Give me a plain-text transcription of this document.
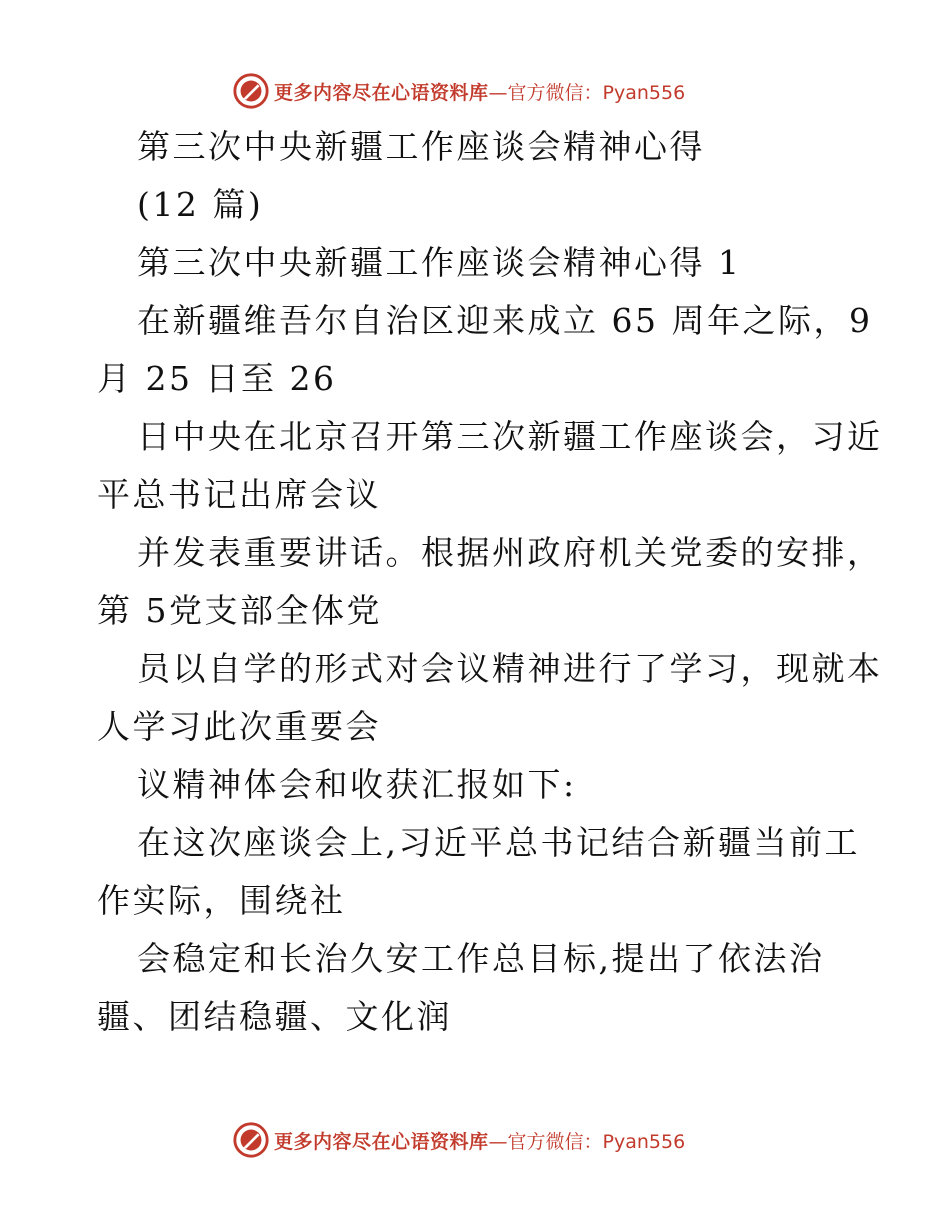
更多内容尽在心语资料库—官方微信：Pyan556
第三次中央新疆工作座谈会精神心得
(12 篇)
第三次中央新疆工作座谈会精神心得 1
在新疆维吾尔自治区迎来成立 65 周年之际，9
月 25 日至 26
日中央在北京召开第三次新疆工作座谈会，习近
平总书记出席会议
并发表重要讲话。根据州政府机关党委的安排，
第 5党支部全体党
员以自学的形式对会议精神进行了学习，现就本
人学习此次重要会
议精神体会和收获汇报如下:
在这次座谈会上,习近平总书记结合新疆当前工
作实际，围绕社
会稳定和长治久安工作总目标,提出了依法治
疆、团结稳疆、文化润
更多内容尽在心语资料库—官方微信：Pyan556
